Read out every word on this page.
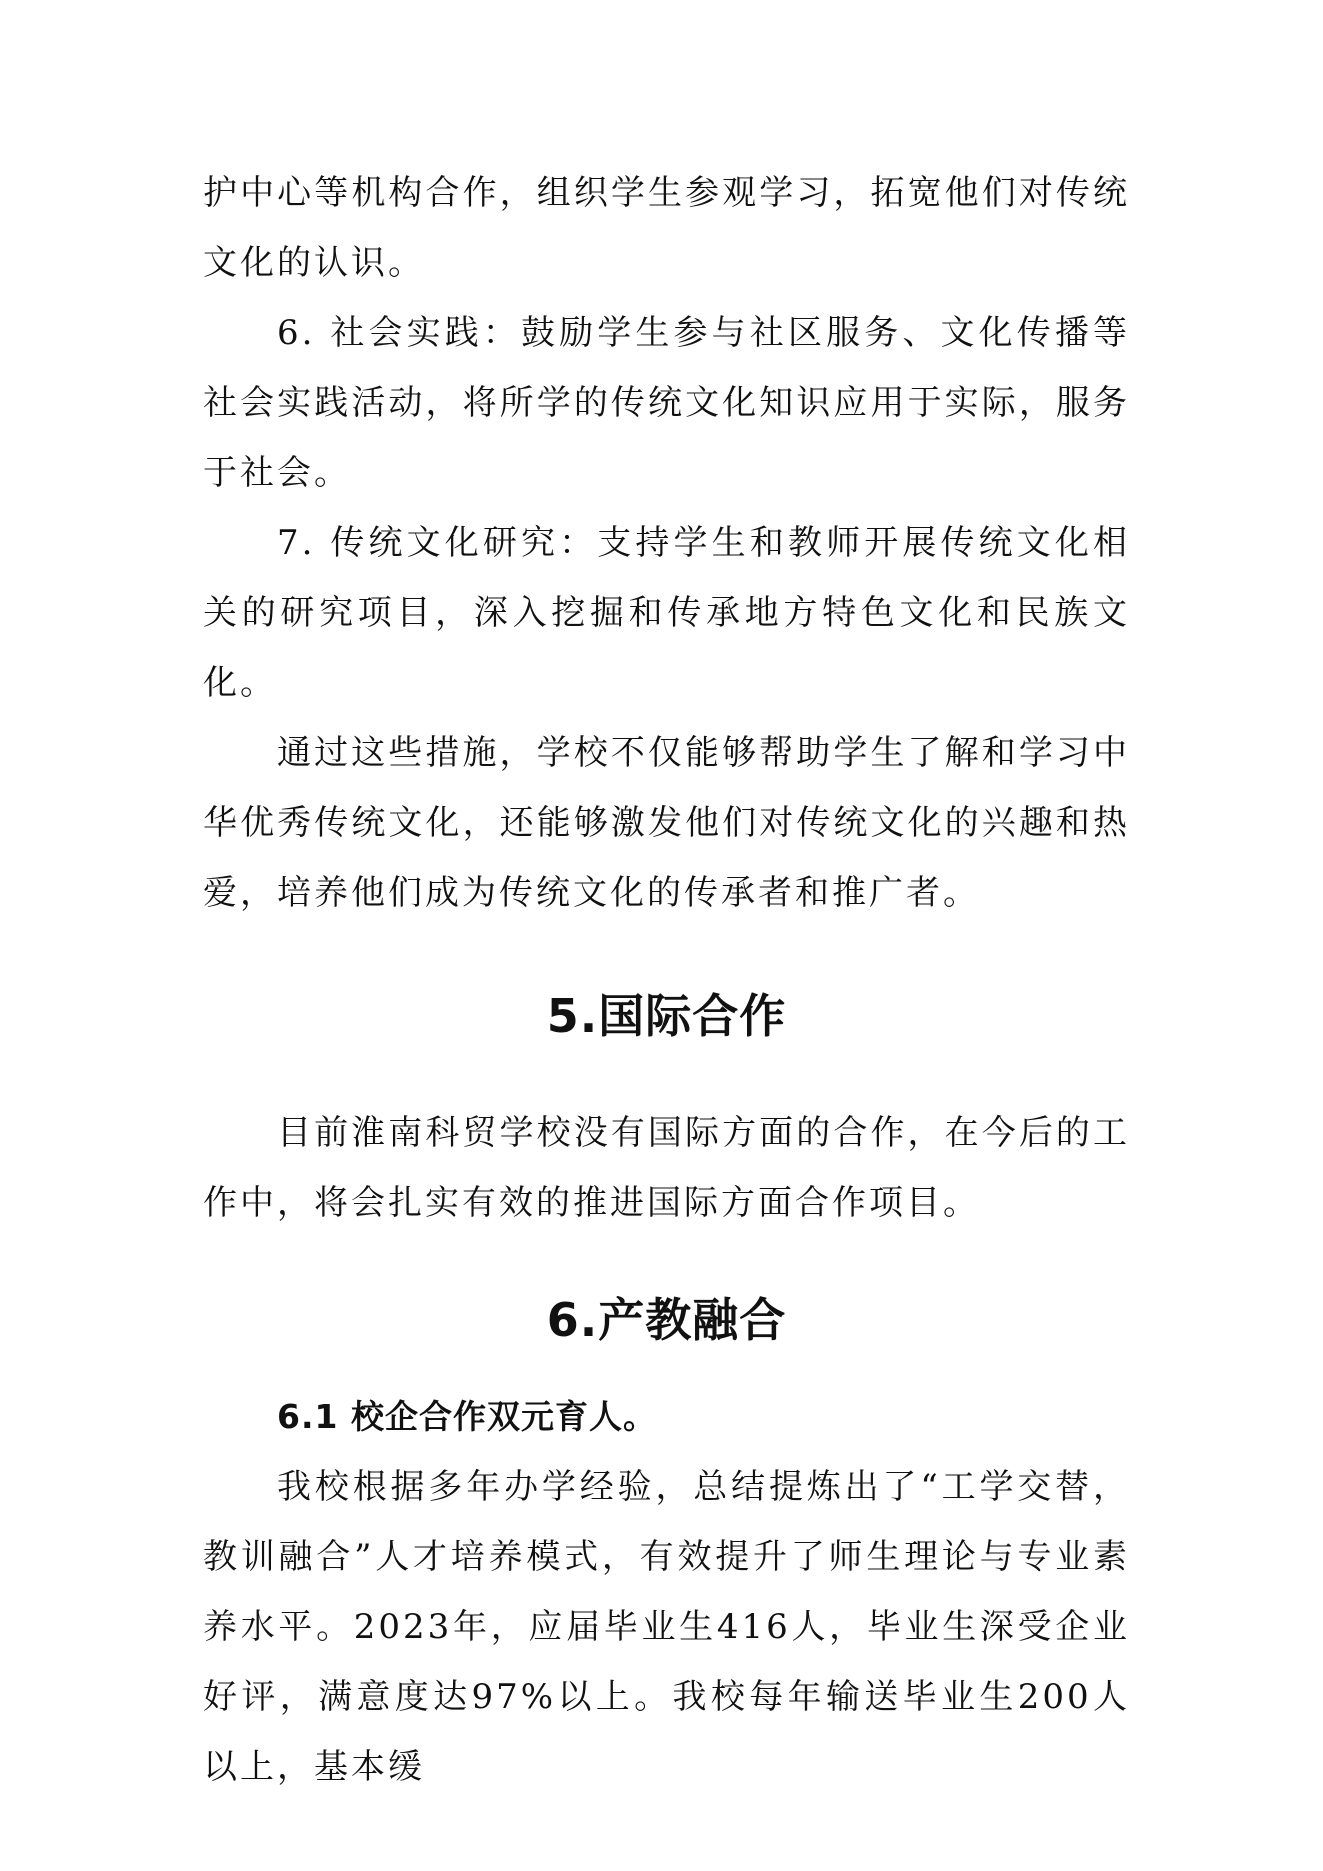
护中心等机构合作，组织学生参观学习，拓宽他们对传统文化的认识。

6. 社会实践：鼓励学生参与社区服务、文化传播等社会实践活动，将所学的传统文化知识应用于实际，服务于社会。

7. 传统文化研究：支持学生和教师开展传统文化相关的研究项目，深入挖掘和传承地方特色文化和民族文化。

通过这些措施，学校不仅能够帮助学生了解和学习中华优秀传统文化，还能够激发他们对传统文化的兴趣和热爱，培养他们成为传统文化的传承者和推广者。

5.国际合作

目前淮南科贸学校没有国际方面的合作，在今后的工作中，将会扎实有效的推进国际方面合作项目。

6.产教融合
6.1 校企合作双元育人。

我校根据多年办学经验，总结提炼出了“工学交替，教训融合”人才培养模式，有效提升了师生理论与专业素养水平。2023年，应届毕业生416人，毕业生深受企业好评，满意度达97%以上。我校每年输送毕业生200人以上，基本缓
